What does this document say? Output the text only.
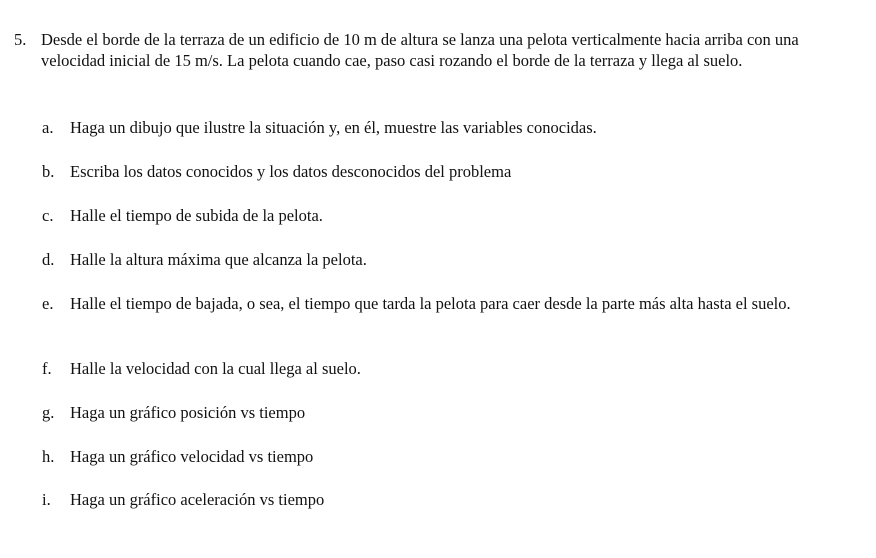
5. Desde el borde de la terraza de un edificio de 10 m de altura se lanza una pelota verticalmente hacia arriba con una velocidad inicial de 15 m/s. La pelota cuando cae, paso casi rozando el borde de la terraza y llega al suelo.
a. Haga un dibujo que ilustre la situación y, en él, muestre las variables conocidas.
b. Escriba los datos conocidos y los datos desconocidos del problema
c. Halle el tiempo de subida de la pelota.
d. Halle la altura máxima que alcanza la pelota.
e. Halle el tiempo de bajada, o sea, el tiempo que tarda la pelota para caer desde la parte más alta hasta el suelo.
f. Halle la velocidad con la cual llega al suelo.
g. Haga un gráfico posición vs tiempo
h. Haga un gráfico velocidad vs tiempo
i. Haga un gráfico aceleración vs tiempo
